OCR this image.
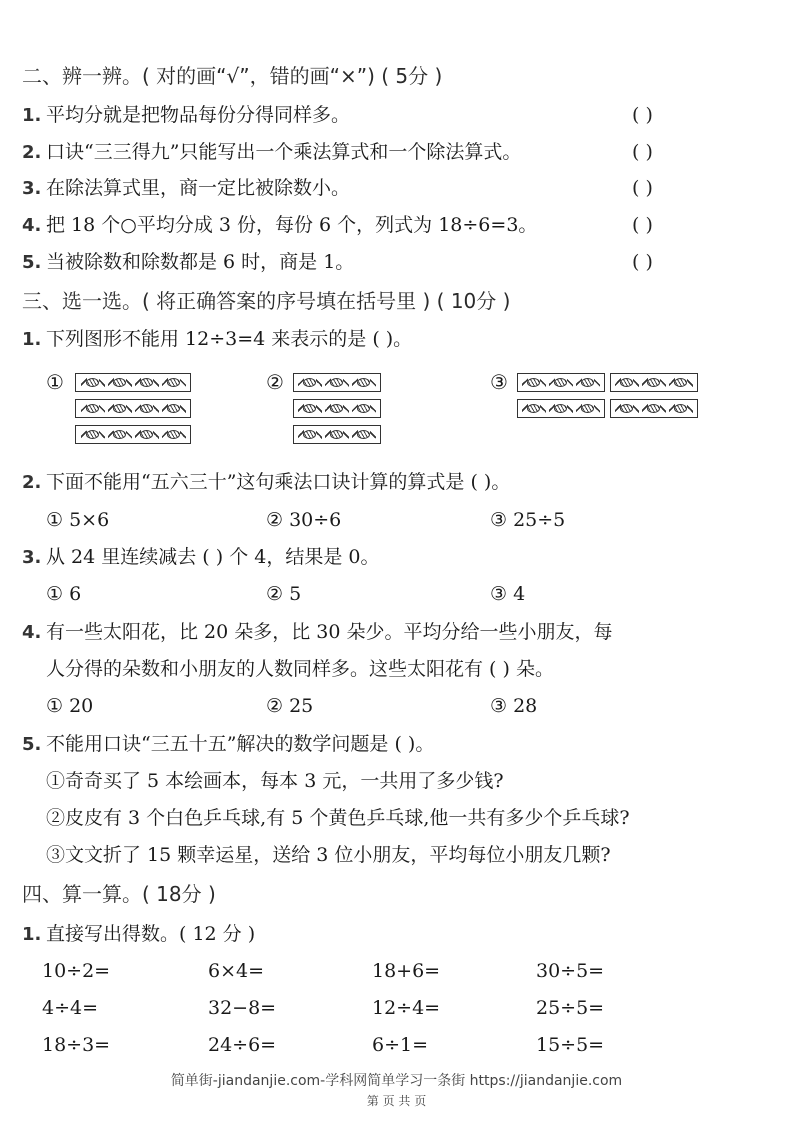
二、辨一辨。( 对的画“√”，错的画“×”) ( 5分 )
1. 平均分就是把物品每份分得同样多。	( )
2. 口诀“三三得九”只能写出一个乘法算式和一个除法算式。	( )
3. 在除法算式里，商一定比被除数小。	( )
4. 把 18 个○平均分成 3 份，每份 6 个，列式为 18÷6=3。	( )
5. 当被除数和除数都是 6 时，商是 1。	( )
三、选一选。( 将正确答案的序号填在括号里 ) ( 10分 )
1. 下列图形不能用 12÷3=4 来表示的是 ( )。
①	②	③
2. 下面不能用“五六三十”这句乘法口诀计算的算式是 ( )。
① 5×6	② 30÷6	③ 25÷5
3. 从 24 里连续减去 ( ) 个 4，结果是 0。
① 6	② 5	③ 4
4. 有一些太阳花，比 20 朵多，比 30 朵少。平均分给一些小朋友，每
人分得的朵数和小朋友的人数同样多。这些太阳花有 ( ) 朵。
① 20	② 25	③ 28
5. 不能用口诀“三五十五”解决的数学问题是 ( )。
①奇奇买了 5 本绘画本，每本 3 元，一共用了多少钱?
②皮皮有 3 个白色乒乓球,有 5 个黄色乒乓球,他一共有多少个乒乓球?
③文文折了 15 颗幸运星，送给 3 位小朋友，平均每位小朋友几颗?
四、算一算。( 18分 )
1. 直接写出得数。( 12 分 )
10÷2=	6×4=	18+6=	30÷5=
4÷4=	32−8=	12÷4=	25÷5=
18÷3=	24÷6=	6÷1=	15÷5=
简单街-jiandanjie.com-学科网简单学习一条街 https://jiandanjie.com
第 页 共 页
